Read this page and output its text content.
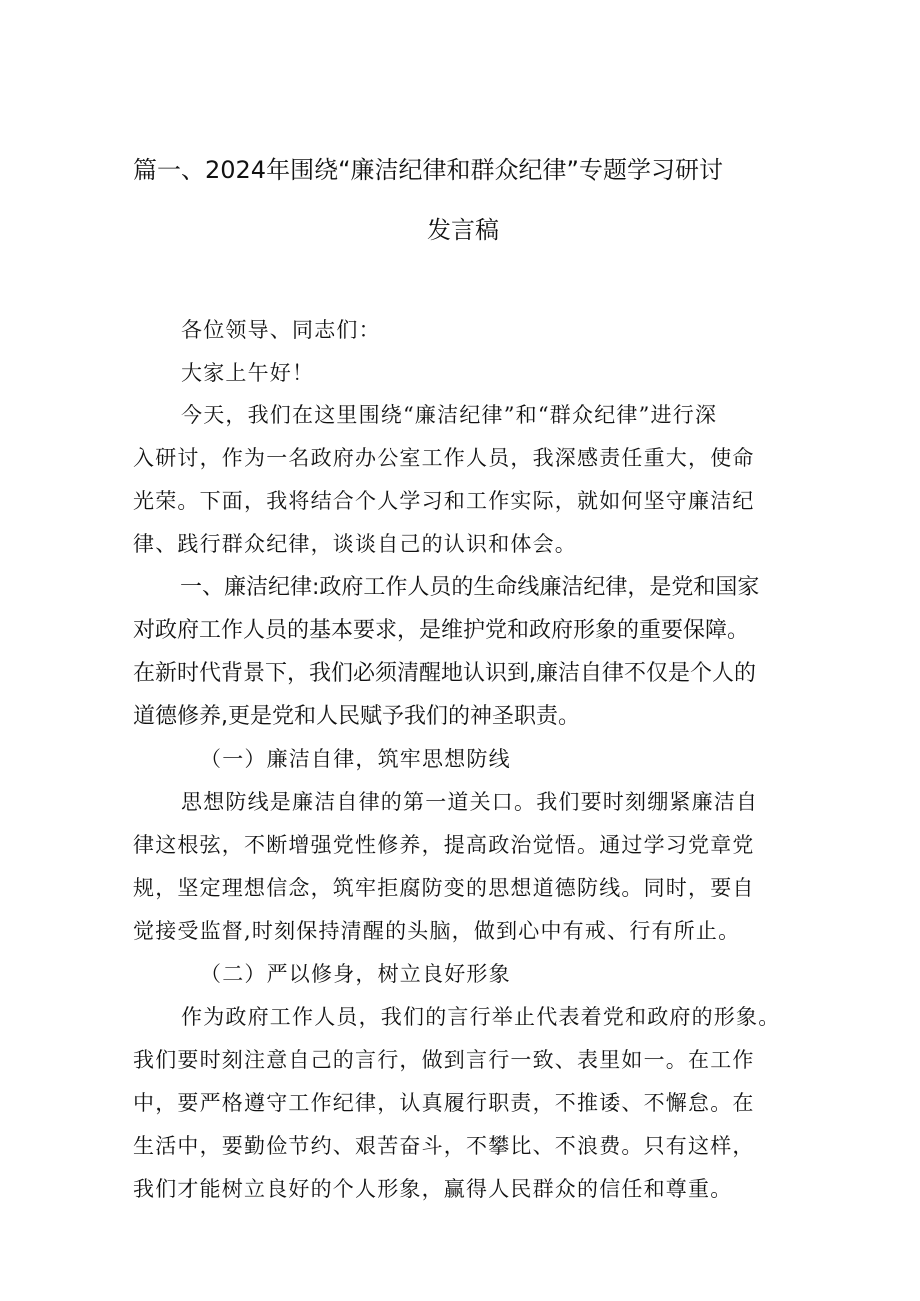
篇一、2024年围绕“廉洁纪律和群众纪律”专题学习研讨
发言稿
各位领导、同志们：
大家上午好！
今天，我们在这里围绕“廉洁纪律”和“群众纪律”进行深
入研讨，作为一名政府办公室工作人员，我深感责任重大，使命
光荣。下面，我将结合个人学习和工作实际，就如何坚守廉洁纪
律、践行群众纪律，谈谈自己的认识和体会。
一、廉洁纪律:政府工作人员的生命线廉洁纪律，是党和国家
对政府工作人员的基本要求，是维护党和政府形象的重要保障。
在新时代背景下，我们必须清醒地认识到,廉洁自律不仅是个人的
道德修养,更是党和人民赋予我们的神圣职责。
（一）廉洁自律，筑牢思想防线
思想防线是廉洁自律的第一道关口。我们要时刻绷紧廉洁自
律这根弦，不断增强党性修养，提高政治觉悟。通过学习党章党
规，坚定理想信念，筑牢拒腐防变的思想道德防线。同时，要自
觉接受监督,时刻保持清醒的头脑，做到心中有戒、行有所止。
（二）严以修身，树立良好形象
作为政府工作人员，我们的言行举止代表着党和政府的形象。
我们要时刻注意自己的言行，做到言行一致、表里如一。在工作
中，要严格遵守工作纪律，认真履行职责，不推诿、不懈怠。在
生活中，要勤俭节约、艰苦奋斗，不攀比、不浪费。只有这样，
我们才能树立良好的个人形象，赢得人民群众的信任和尊重。
